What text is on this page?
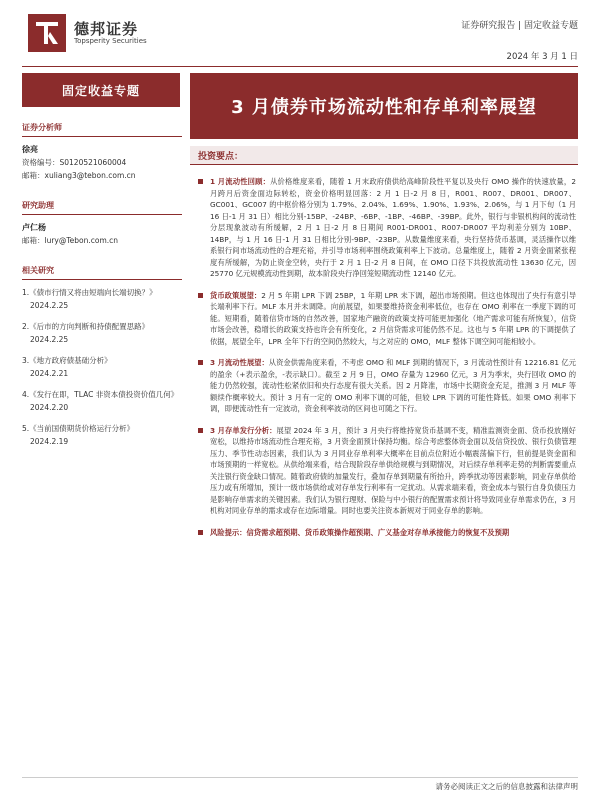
德邦证券
Topsperity Securities
证券研究报告 | 固定收益专题
2024 年 3 月 1 日
固定收益专题
3 月债券市场流动性和存单利率展望
证券分析师
徐亮
资格编号：S0120521060004
邮箱：xuliang3@tebon.com.cn
研究助理
卢仁杨
邮箱：lury@Tebon.com.cn
相关研究
1.《债市行情又将由短端向长端切换？》
2024.2.25
2.《后市的方向判断和持债配置思路》
2024.2.25
3.《地方政府债基础分析》
2024.2.21
4.《发行在即，TLAC 非资本债投资价值几何》
2024.2.20
5.《当前国债期货价格运行分析》
2024.2.19
投资要点：
1 月流动性回顾：从价格维度来看，随着 1 月末政府债供给高峰阶段性平复以及央行 OMO 操作的快速放量，2 月跨月后资金面边际转松，资金价格明显回落：2 月 1 日-2 月 8 日，R001、R007、DR001、DR007、GC001、GC007 的中枢价格分别为 1.79%、2.04%、1.69%、1.90%、1.93%、2.06%，与 1 月下旬（1 月 16 日-1 月 31 日）相比分别-15BP、-24BP、-6BP、-1BP、-46BP、-39BP。此外，银行与非银机构间的流动性分层现象波动有所缓解，2 月 1 日-2 月 8 日期间 R001-DR001、R007-DR007 平均利差分别为 10BP、14BP，与 1 月 16 日-1 月 31 日相比分别-9BP、-23BP。从数量维度来看，央行坚持货币基调，灵活操作以维系银行间市场流动性的合理充裕，并引导市场利率围绕政策利率上下波动。总量维度上，随着 2 月资金面紧张程度有所缓解，为防止资金空转，央行于 2 月 1 日-2 月 8 日间，在 OMO 口径下共投放流动性 13630 亿元，因 25770 亿元规模流动性到期，故本阶段央行净回笼短期流动性 12140 亿元。
货币政策展望：2 月 5 年期 LPR 下调 25BP，1 年期 LPR 未下调，超出市场预期。但这也体现出了央行有意引导长端利率下行。MLF 本月并未调降。向前展望，如果要维持资金利率低位，也存在 OMO 利率在一季度下调的可能。短期看，随着信贷市场的自然改善，国家地产融资的政策支持可能更加强化（地产需求可能有所恢复），信贷市场会改善，稳增长的政策支持也许会有所变化，2 月信贷需求可能仍然不足。这也与 5 年期 LPR 的下调提供了依据，展望全年，LPR 全年下行的空间仍然较大，与之对应的 OMO，MLF 整体下调空间可能相较小。
3 月流动性展望：从资金供需角度来看，不考虑 OMO 和 MLF 到期的情况下，3 月流动性预计有 12216.81 亿元的盈余（+表示盈余，-表示缺口）。截至 2 月 9 日，OMO 存量为 12960 亿元，3 月为季末，央行回收 OMO 的能力仍然较强，流动性松紧依旧和央行态度有很大关系。因 2 月降准，市场中长期资金充足，推测 3 月 MLF 等额续作概率较大。预计 3 月有一定的 OMO 利率下调的可能，但较 LPR 下调的可能性降低。如果 OMO 利率下调，即便流动性有一定波动，资金利率波动的区间也可随之下行。
3 月存单发行分析：展望 2024 年 3 月，预计 3 月央行将维持宽货币基调不变，精准监测资金面、货币投放刚好宽松，以维持市场流动性合理充裕，3 月资金面预计保持均衡。综合考虑整体资金面以及信贷投放、银行负债管理压力、季节性动态因素，我们认为 3 月同业存单利率大概率在目前点位附近小幅震荡偏下行，但前提是资金面和市场预期的一样宽松。从供给端来看，结合现阶段存单供给规模与到期情况，对后续存单利率走势的判断需要重点关注银行资金缺口情况。随着政府债的加量发行，叠加存单到期量有所抬升，跨季扰动等因素影响，同业存单供给压力或有所增加，预计一级市场供给或对存单发行利率有一定扰动。从需求端来看，资金成本与银行自身负债压力是影响存单需求的关键因素。我们认为银行理财、保险与中小银行的配置需求预计将导致同业存单需求仍在，3 月机构对同业存单的需求或存在边际增量。同时也要关注资本新规对于同业存单的影响。
风险提示：信贷需求超预期、货币政策操作超预期、广义基金对存单承接能力的恢复不及预期
请务必阅读正文之后的信息披露和法律声明
